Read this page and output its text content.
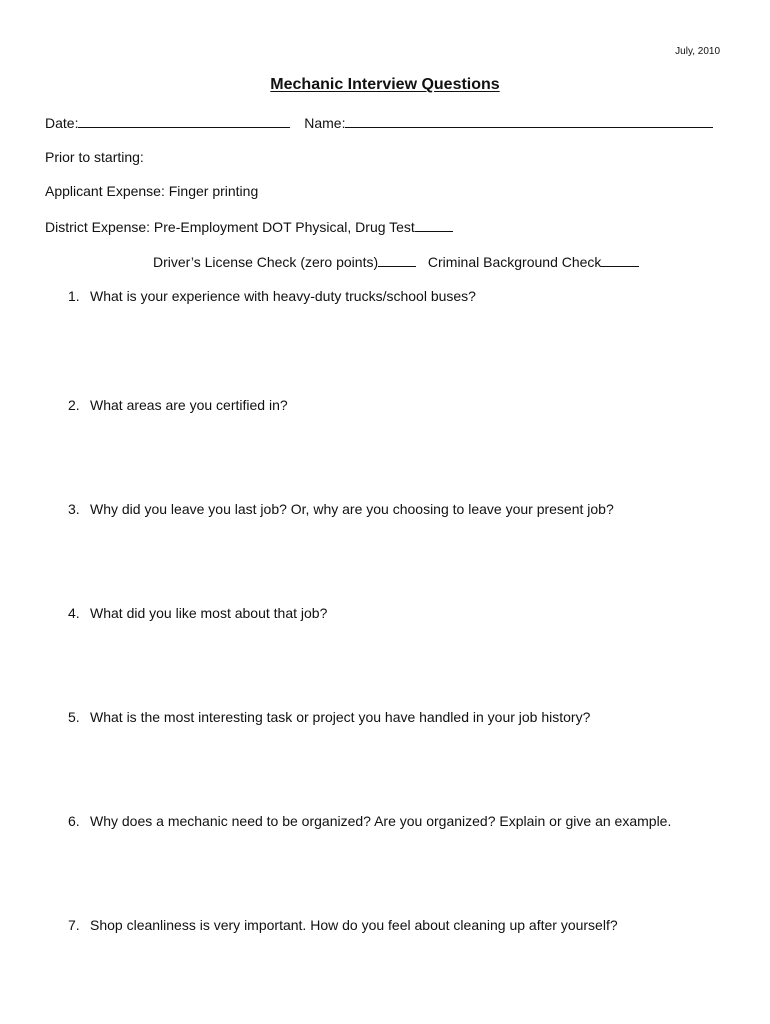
July, 2010
Mechanic Interview Questions
Date:	Name:
Prior to starting:
Applicant Expense: Finger printing
District Expense: Pre-Employment DOT Physical, Drug Test
Driver’s License Check (zero points)	Criminal Background Check
1. What is your experience with heavy-duty trucks/school buses?
2. What areas are you certified in?
3. Why did you leave you last job? Or, why are you choosing to leave your present job?
4. What did you like most about that job?
5. What is the most interesting task or project you have handled in your job history?
6. Why does a mechanic need to be organized? Are you organized? Explain or give an example.
7. Shop cleanliness is very important. How do you feel about cleaning up after yourself?
